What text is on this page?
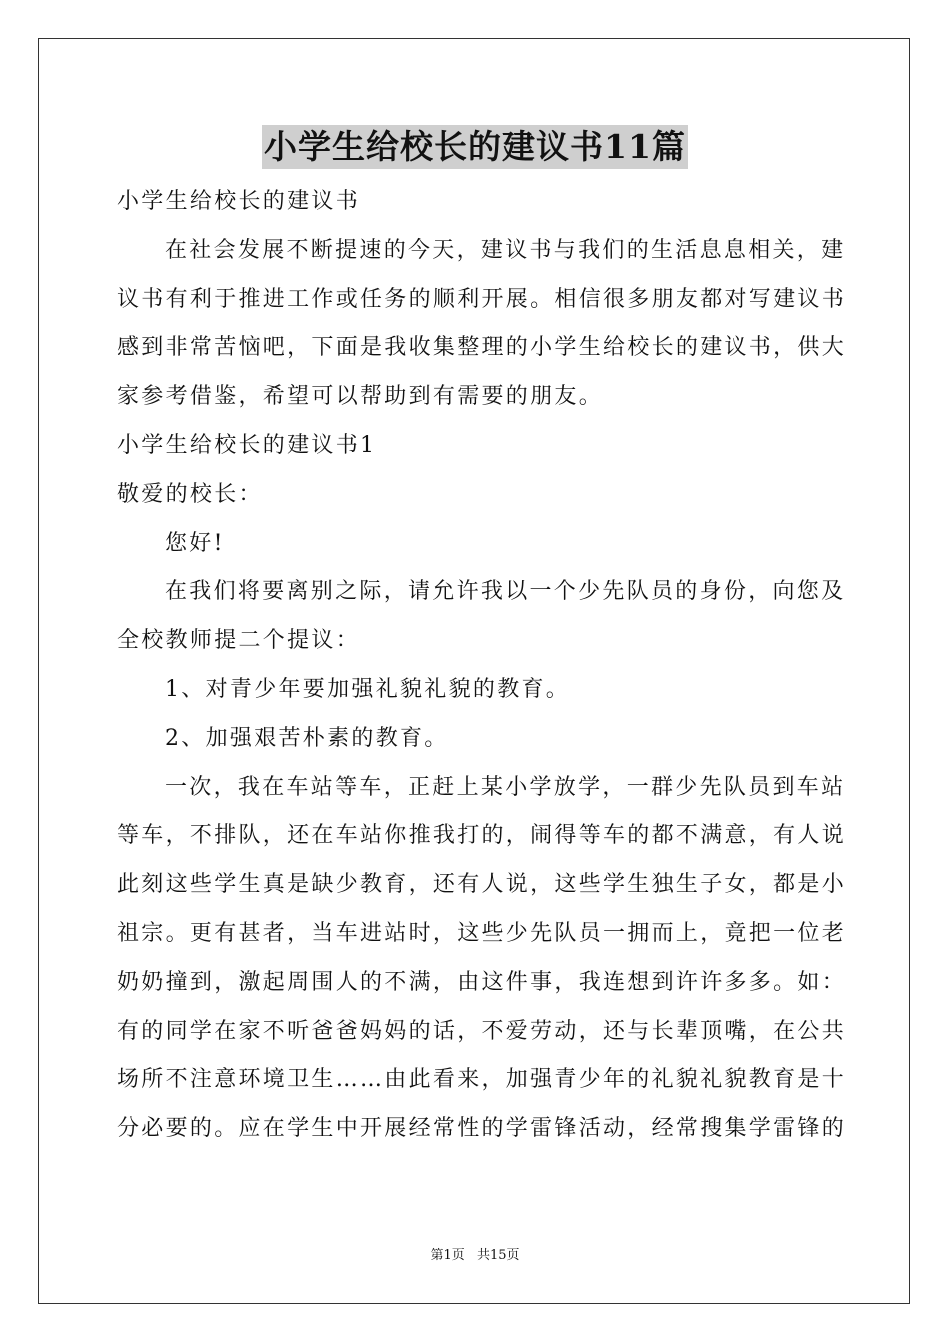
小学生给校长的建议书11篇
小学生给校长的建议书
在社会发展不断提速的今天，建议书与我们的生活息息相关，建
议书有利于推进工作或任务的顺利开展。相信很多朋友都对写建议书
感到非常苦恼吧，下面是我收集整理的小学生给校长的建议书，供大
家参考借鉴，希望可以帮助到有需要的朋友。
小学生给校长的建议书1
敬爱的校长：
您好!
在我们将要离别之际，请允许我以一个少先队员的身份，向您及
全校教师提二个提议：
1、对青少年要加强礼貌礼貌的教育。
2、加强艰苦朴素的教育。
一次，我在车站等车，正赶上某小学放学，一群少先队员到车站
等车，不排队，还在车站你推我打的，闹得等车的都不满意，有人说
此刻这些学生真是缺少教育，还有人说，这些学生独生子女，都是小
祖宗。更有甚者，当车进站时，这些少先队员一拥而上，竟把一位老
奶奶撞到，激起周围人的不满，由这件事，我连想到许许多多。如：
有的同学在家不听爸爸妈妈的话，不爱劳动，还与长辈顶嘴，在公共
场所不注意环境卫生……由此看来，加强青少年的礼貌礼貌教育是十
分必要的。应在学生中开展经常性的学雷锋活动，经常搜集学雷锋的
第1页 共15页
